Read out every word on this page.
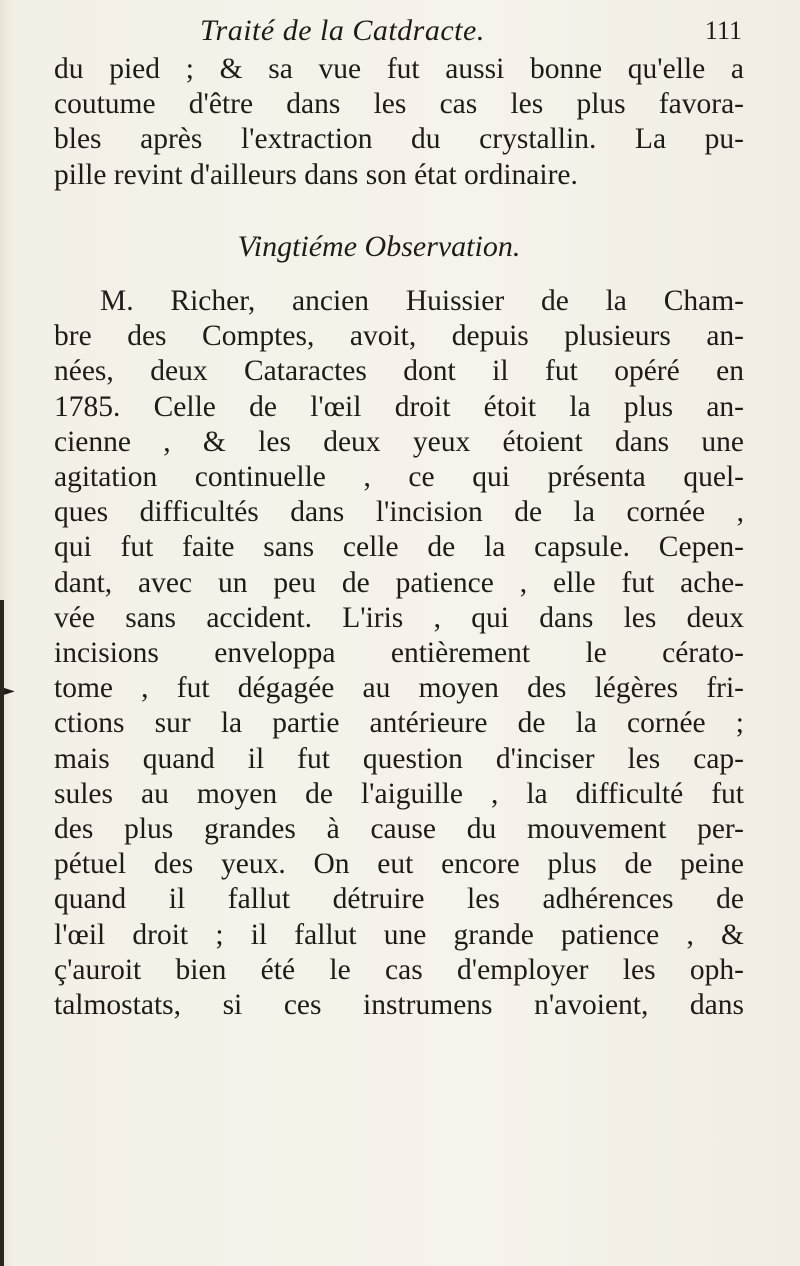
Traité de la Catdracte.	111
du pied ; & sa vue fut aussi bonne qu'elle a
coutume d'être dans les cas les plus favora-
bles après l'extraction du crystallin. La pu-
pille revint d'ailleurs dans son état ordinaire.
Vingtiéme Observation.
M. Richer, ancien Huissier de la Cham-
bre des Comptes, avoit, depuis plusieurs an-
nées, deux Cataractes dont il fut opéré en
1785. Celle de l'œil droit étoit la plus an-
cienne , & les deux yeux étoient dans une
agitation continuelle , ce qui présenta quel-
ques difficultés dans l'incision de la cornée ,
qui fut faite sans celle de la capsule. Cepen-
dant, avec un peu de patience , elle fut ache-
vée sans accident. L'iris , qui dans les deux
incisions enveloppa entièrement le cérato-
tome , fut dégagée au moyen des légères fri-
ctions sur la partie antérieure de la cornée ;
mais quand il fut question d'inciser les cap-
sules au moyen de l'aiguille , la difficulté fut
des plus grandes à cause du mouvement per-
pétuel des yeux. On eut encore plus de peine
quand il fallut détruire les adhérences de
l'œil droit ; il fallut une grande patience , &
ç'auroit bien été le cas d'employer les oph-
talmostats, si ces instrumens n'avoient, dans
►
